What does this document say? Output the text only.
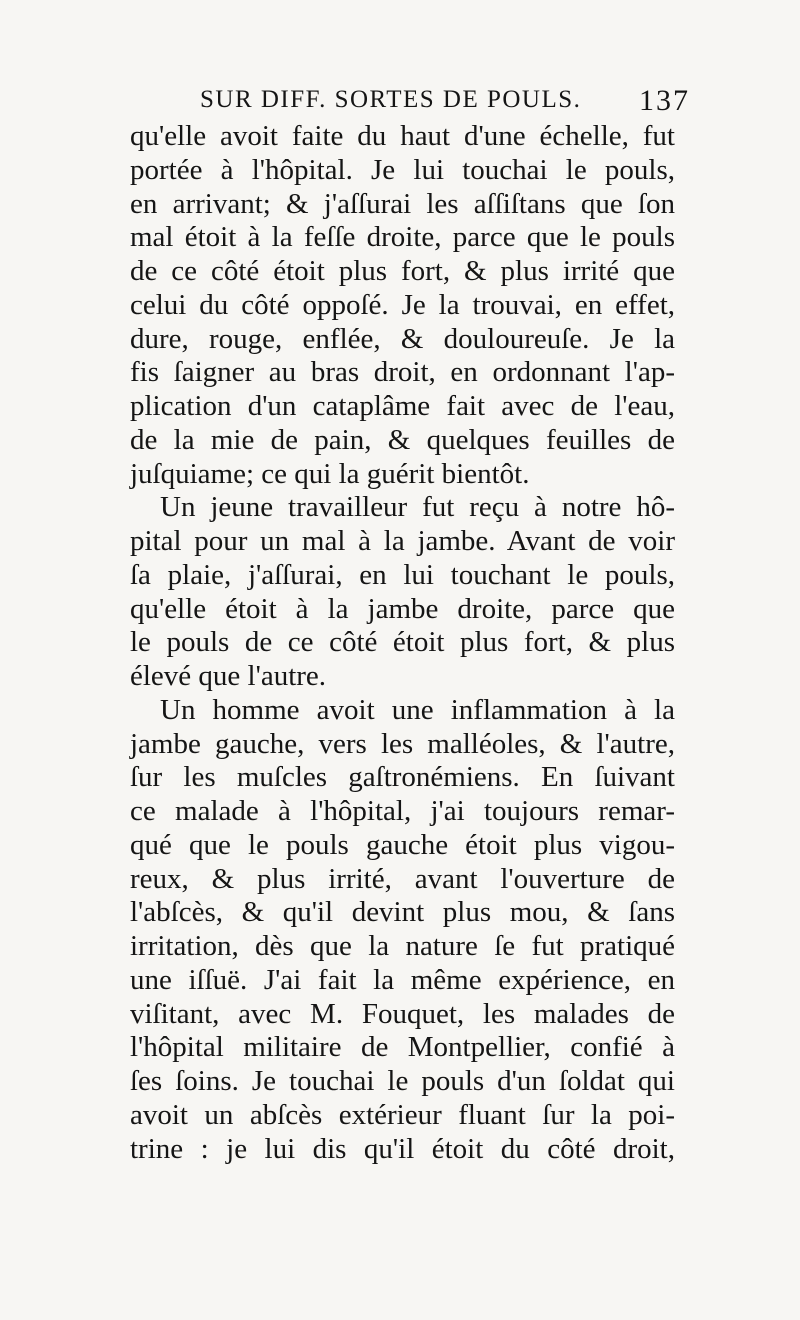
SUR DIFF. SORTES DE POULS. 137
qu'elle avoit faite du haut d'une échelle, fut
portée à l'hôpital. Je lui touchai le pouls,
en arrivant; & j'aſſurai les aſſiſtans que ſon
mal étoit à la feſſe droite, parce que le pouls
de ce côté étoit plus fort, & plus irrité que
celui du côté oppoſé. Je la trouvai, en effet,
dure, rouge, enflée, & douloureuſe. Je la
fis ſaigner au bras droit, en ordonnant l'ap-
plication d'un cataplâme fait avec de l'eau,
de la mie de pain, & quelques feuilles de
juſquiame; ce qui la guérit bientôt.
Un jeune travailleur fut reçu à notre hô-
pital pour un mal à la jambe. Avant de voir
ſa plaie, j'aſſurai, en lui touchant le pouls,
qu'elle étoit à la jambe droite, parce que
le pouls de ce côté étoit plus fort, & plus
élevé que l'autre.
Un homme avoit une inflammation à la
jambe gauche, vers les malléoles, & l'autre,
ſur les muſcles gaſtronémiens. En ſuivant
ce malade à l'hôpital, j'ai toujours remar-
qué que le pouls gauche étoit plus vigou-
reux, & plus irrité, avant l'ouverture de
l'abſcès, & qu'il devint plus mou, & ſans
irritation, dès que la nature ſe fut pratiqué
une iſſuë. J'ai fait la même expérience, en
viſitant, avec M. Fouquet, les malades de
l'hôpital militaire de Montpellier, confié à
ſes ſoins. Je touchai le pouls d'un ſoldat qui
avoit un abſcès extérieur fluant ſur la poi-
trine : je lui dis qu'il étoit du côté droit,
